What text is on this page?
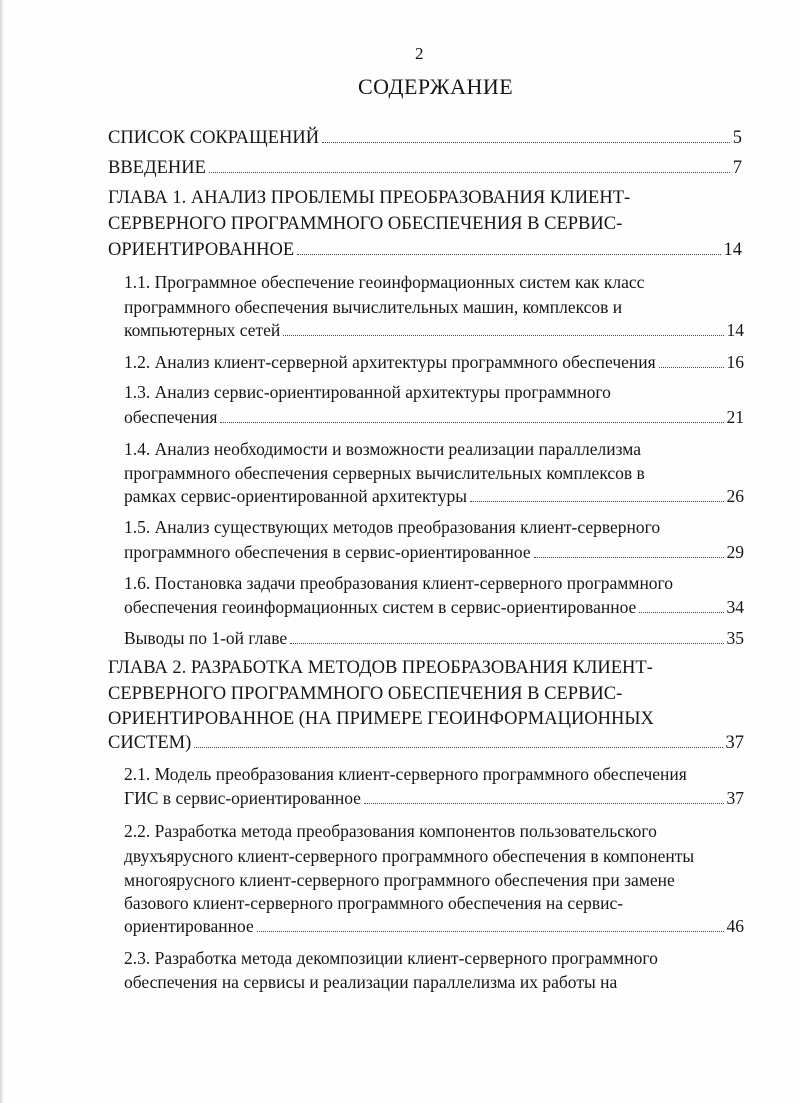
2
СОДЕРЖАНИЕ
СПИСОК СОКРАЩЕНИЙ	5
ВВЕДЕНИЕ	7
ГЛАВА 1. АНАЛИЗ ПРОБЛЕМЫ ПРЕОБРАЗОВАНИЯ КЛИЕНТ-
СЕРВЕРНОГО ПРОГРАММНОГО ОБЕСПЕЧЕНИЯ В СЕРВИС-
ОРИЕНТИРОВАННОЕ	14
1.1. Программное обеспечение геоинформационных систем как класс
программного обеспечения вычислительных машин, комплексов и
компьютерных сетей	14
1.2. Анализ клиент-серверной архитектуры программного обеспечения	16
1.3. Анализ сервис-ориентированной архитектуры программного
обеспечения	21
1.4. Анализ необходимости и возможности реализации параллелизма
программного обеспечения серверных вычислительных комплексов в
рамках сервис-ориентированной архитектуры	26
1.5. Анализ существующих методов преобразования клиент-серверного
программного обеспечения в сервис-ориентированное	29
1.6. Постановка задачи преобразования клиент-серверного программного
обеспечения геоинформационных систем в сервис-ориентированное	34
Выводы по 1-ой главе	35
ГЛАВА 2. РАЗРАБОТКА МЕТОДОВ ПРЕОБРАЗОВАНИЯ КЛИЕНТ-
СЕРВЕРНОГО ПРОГРАММНОГО ОБЕСПЕЧЕНИЯ В СЕРВИС-
ОРИЕНТИРОВАННОЕ (НА ПРИМЕРЕ ГЕОИНФОРМАЦИОННЫХ
СИСТЕМ)	37
2.1. Модель преобразования клиент-серверного программного обеспечения
ГИС в сервис-ориентированное	37
2.2. Разработка метода преобразования компонентов пользовательского
двухъярусного клиент-серверного программного обеспечения в компоненты
многоярусного клиент-серверного программного обеспечения при замене
базового клиент-серверного программного обеспечения на сервис-
ориентированное	46
2.3. Разработка метода декомпозиции клиент-серверного программного
обеспечения на сервисы и реализации параллелизма их работы на
